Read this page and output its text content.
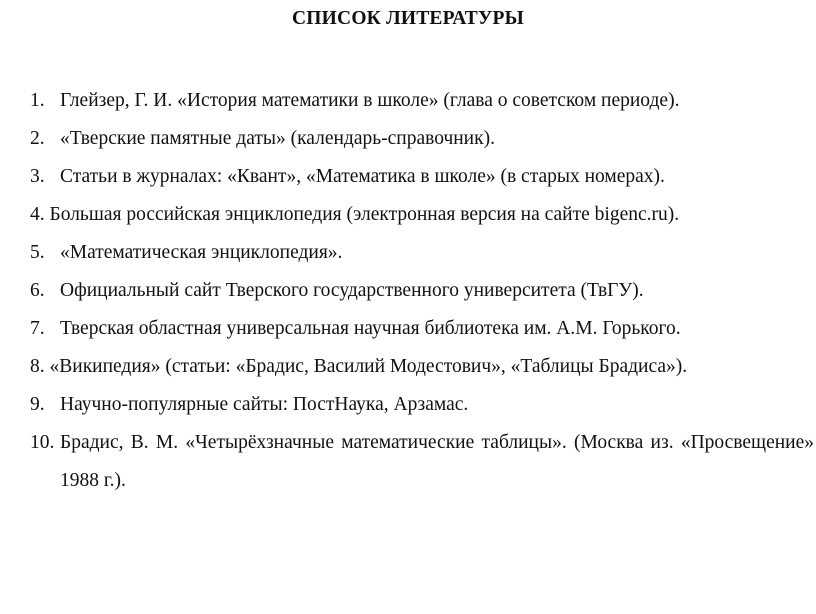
СПИСОК ЛИТЕРАТУРЫ
1. Глейзер, Г. И. «История математики в школе» (глава о советском периоде).
2. «Тверские памятные даты» (календарь-справочник).
3. Статьи в журналах: «Квант», «Математика в школе» (в старых номерах).
4. Большая российская энциклопедия (электронная версия на сайте bigenc.ru).
5. «Математическая энциклопедия».
6. Официальный сайт Тверского государственного университета (ТвГУ).
7. Тверская областная универсальная научная библиотека им. А.М. Горького.
8. «Википедия» (статьи: «Брадис, Василий Модестович», «Таблицы Брадиса»).
9. Научно-популярные сайты: ПостНаука, Арзамас.
10. Брадис, В. М. «Четырёхзначные математические таблицы». (Москва из. «Просвещение» 1988 г.).
